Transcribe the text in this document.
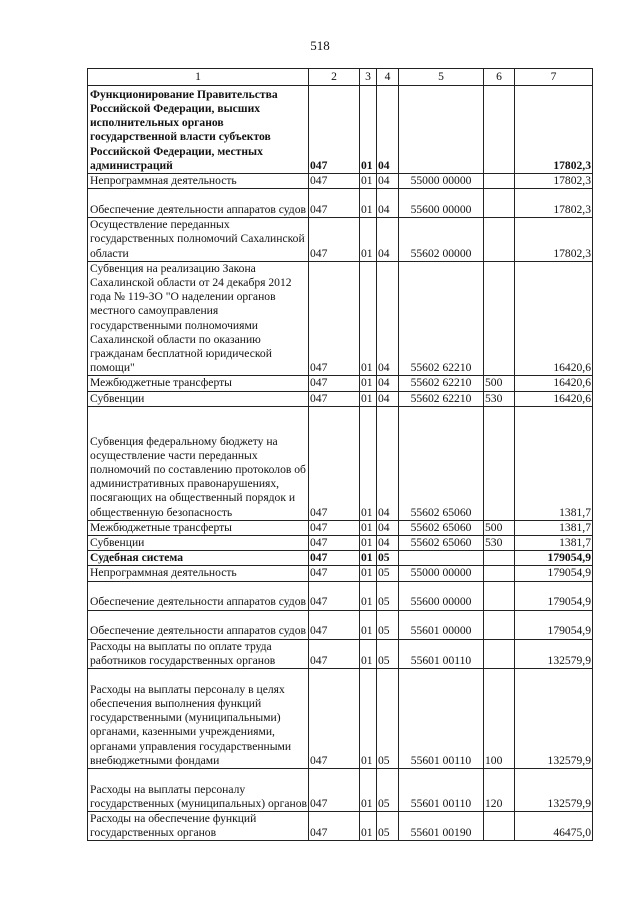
518
1	2	3	4	5	6	7
Функционирование Правительства Российской Федерации, высших исполнительных органов государственной власти субъектов Российской Федерации, местных администраций	047	01	04			17802,3
Непрограммная деятельность	047	01	04	55000 00000		17802,3
Обеспечение деятельности аппаратов судов	047	01	04	55600 00000		17802,3
Осуществление переданных государственных полномочий Сахалинской области	047	01	04	55602 00000		17802,3
Субвенция на реализацию Закона Сахалинской области от 24 декабря 2012 года № 119-ЗО "О наделении органов местного самоуправления государственными полномочиями Сахалинской области по оказанию гражданам бесплатной юридической помощи"	047	01	04	55602 62210		16420,6
Межбюджетные трансферты	047	01	04	55602 62210	500	16420,6
Субвенции	047	01	04	55602 62210	530	16420,6
Субвенция федеральному бюджету на осуществление части переданных полномочий по составлению протоколов об административных правонарушениях, посягающих на общественный порядок и общественную безопасность	047	01	04	55602 65060		1381,7
Межбюджетные трансферты	047	01	04	55602 65060	500	1381,7
Субвенции	047	01	04	55602 65060	530	1381,7
Судебная система	047	01	05			179054,9
Непрограммная деятельность	047	01	05	55000 00000		179054,9
Обеспечение деятельности аппаратов судов	047	01	05	55600 00000		179054,9
Обеспечение деятельности аппаратов судов	047	01	05	55601 00000		179054,9
Расходы на выплаты по оплате труда работников государственных органов	047	01	05	55601 00110		132579,9
Расходы на выплаты персоналу в целях обеспечения выполнения функций государственными (муниципальными) органами, казенными учреждениями, органами управления государственными внебюджетными фондами	047	01	05	55601 00110	100	132579,9
Расходы на выплаты персоналу государственных (муниципальных) органов	047	01	05	55601 00110	120	132579,9
Расходы на обеспечение функций государственных органов	047	01	05	55601 00190		46475,0
